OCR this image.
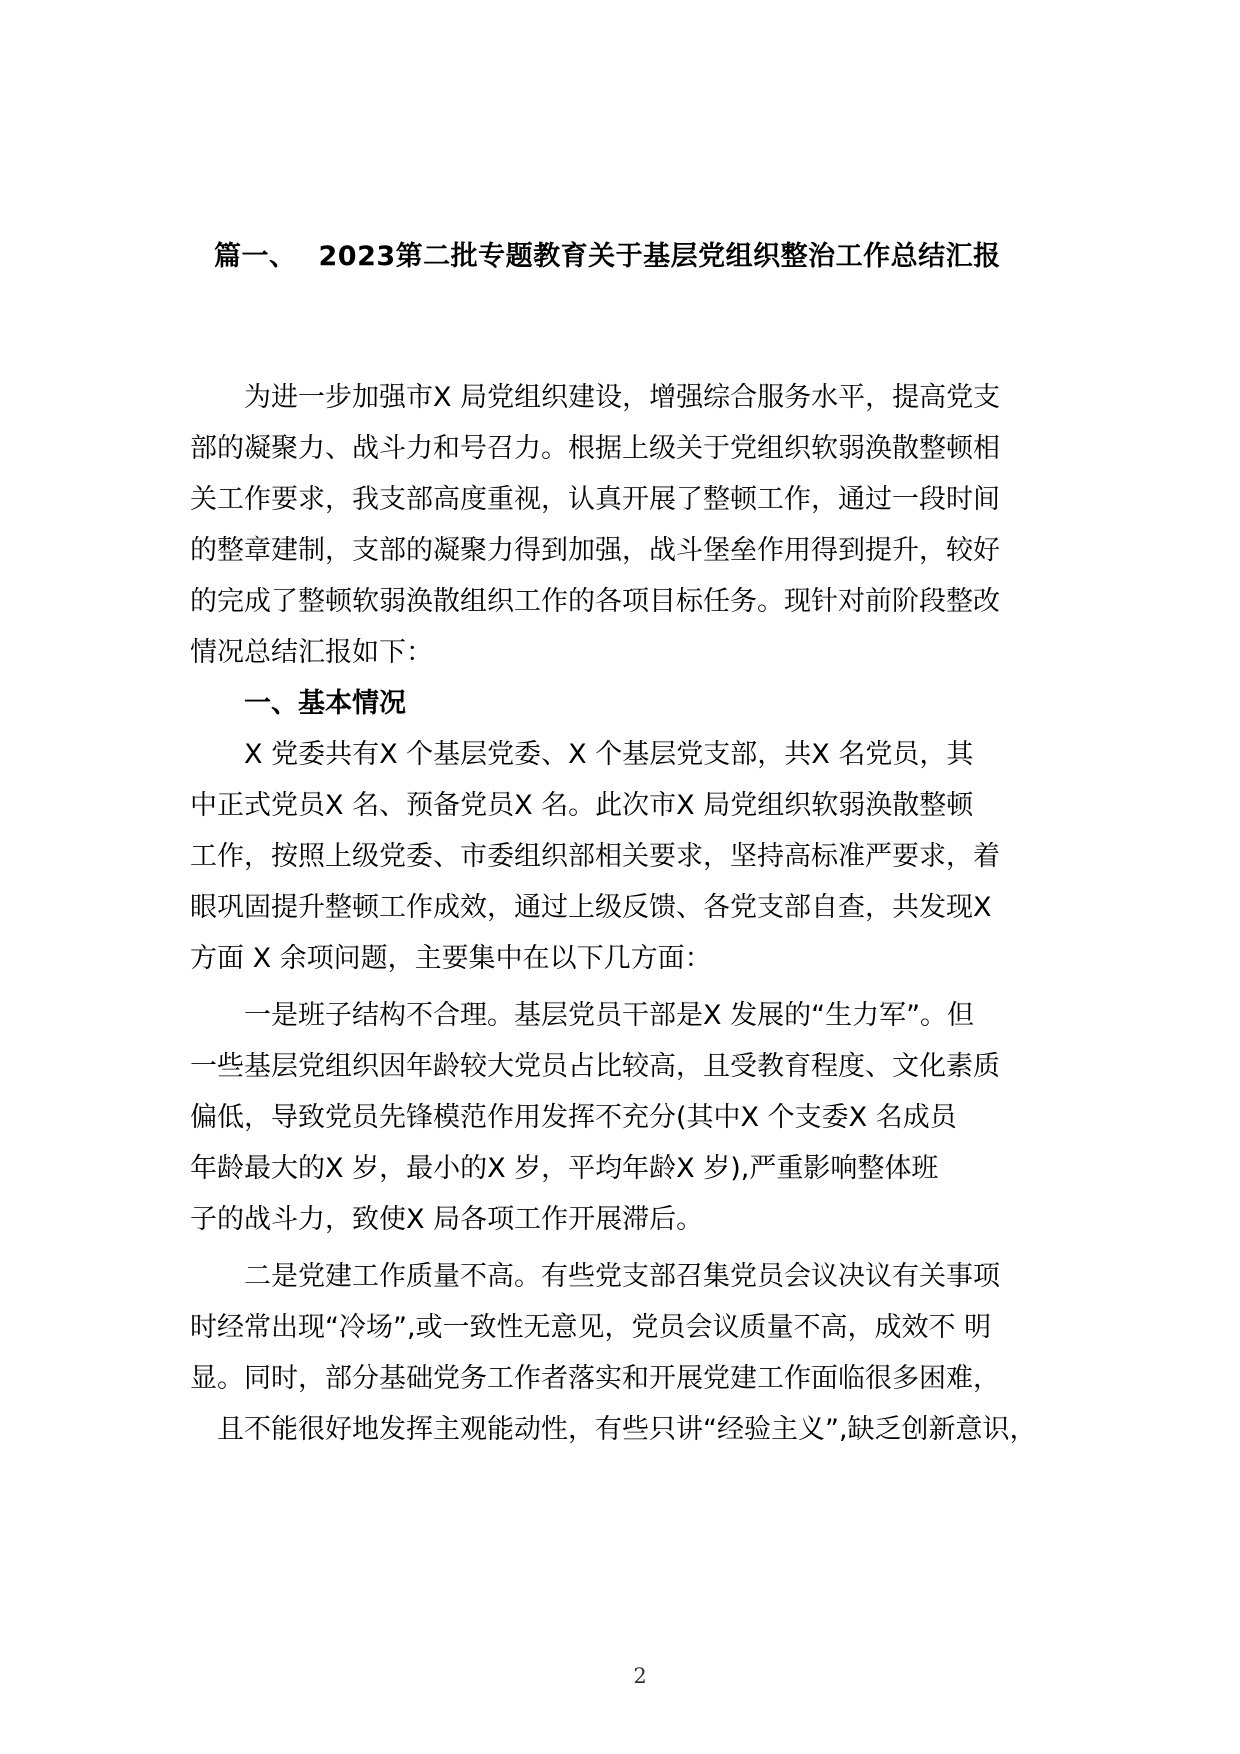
篇一、 2023第二批专题教育关于基层党组织整治工作总结汇报
为进一步加强市X 局党组织建设，增强综合服务水平，提高党支
部的凝聚力、战斗力和号召力。根据上级关于党组织软弱涣散整顿相
关工作要求，我支部高度重视，认真开展了整顿工作，通过一段时间
的整章建制，支部的凝聚力得到加强，战斗堡垒作用得到提升，较好
的完成了整顿软弱涣散组织工作的各项目标任务。现针对前阶段整改
情况总结汇报如下：
一、基本情况
X 党委共有X 个基层党委、X 个基层党支部，共X 名党员，其
中正式党员X 名、预备党员X 名。此次市X 局党组织软弱涣散整顿
工作，按照上级党委、市委组织部相关要求，坚持高标准严要求，着
眼巩固提升整顿工作成效，通过上级反馈、各党支部自查，共发现X
方面 X 余项问题，主要集中在以下几方面：
一是班子结构不合理。基层党员干部是X 发展的“生力军”。但
一些基层党组织因年龄较大党员占比较高，且受教育程度、文化素质
偏低，导致党员先锋模范作用发挥不充分(其中X 个支委X 名成员
年龄最大的X 岁，最小的X 岁，平均年龄X 岁),严重影响整体班
子的战斗力，致使X 局各项工作开展滞后。
二是党建工作质量不高。有些党支部召集党员会议决议有关事项
时经常出现“冷场”,或一致性无意见，党员会议质量不高，成效不 明
显。同时，部分基础党务工作者落实和开展党建工作面临很多困难，
且不能很好地发挥主观能动性，有些只讲“经验主义”,缺乏创新意识，
2
